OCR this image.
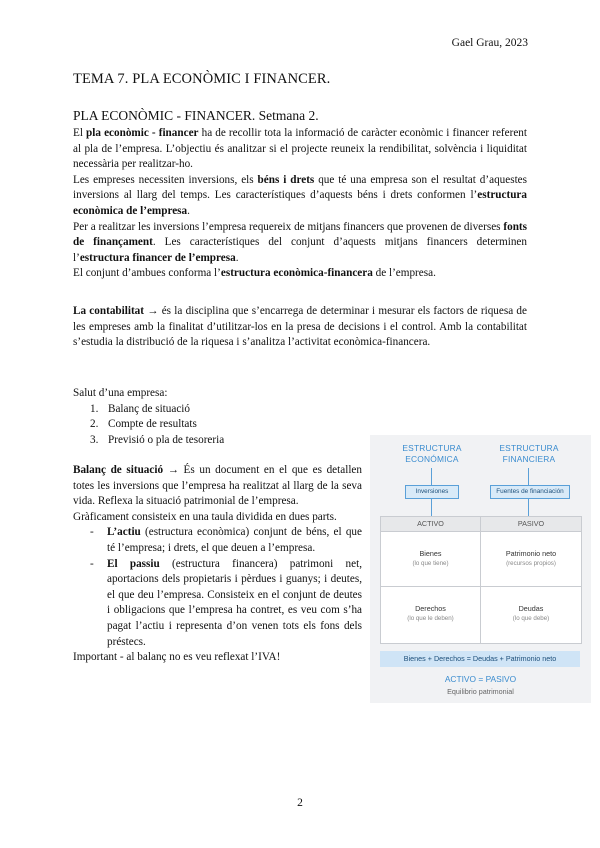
Gael Grau, 2023
TEMA 7. PLA ECONÒMIC I FINANCER.
PLA ECONÒMIC - FINANCER. Setmana 2.

El pla econòmic - financer ha de recollir tota la informació de caràcter econòmic i financer referent al pla de l’empresa. L’objectiu és analitzar si el projecte reuneix la rendibilitat, solvència i liquiditat necessària per realitzar-ho.

Les empreses necessiten inversions, els béns i drets que té una empresa son el resultat d’aquestes inversions al llarg del temps. Les característiques d’aquests béns i drets conformen l’estructura econòmica de l’empresa.

Per a realitzar les inversions l’empresa requereix de mitjans financers que provenen de diverses fonts de finançament. Les característiques del conjunt d’aquests mitjans financers determinen l’estructura financer de l’empresa.

El conjunt d’ambues conforma l’estructura econòmica-financera de l’empresa.

La contabilitat → és la disciplina que s’encarrega de determinar i mesurar els factors de riquesa de les empreses amb la finalitat d’utilitzar-los en la presa de decisions i el control. Amb la contabilitat s’estudia la distribució de la riquesa i s’analitza l’activitat econòmica-financera.

Salut d’una empresa:

1. Balanç de situació
2. Compte de resultats
3. Previsió o pla de tesoreria

Balanç de situació → És un document en el que es detallen totes les inversions que l’empresa ha realitzat al llarg de la seva vida. Reflexa la situació patrimonial de l’empresa.

Gràficament consisteix en una taula dividida en dues parts.

- L’actiu (estructura econòmica) conjunt de béns, el que té l’empresa; i drets, el que deuen a l’empresa.
- El passiu (estructura financera) patrimoni net, aportacions dels propietaris i pèrdues i guanys; i deutes, el que deu l’empresa. Consisteix en el conjunt de deutes i obligacions que l’empresa ha contret, es veu com s’ha pagat l’actiu i representa d’on venen tots els fons dels préstecs.

Important - al balanç no es veu reflexat l’IVA!

ESTRUCTURA
ECONÓMICA
ESTRUCTURA
FINANCIERA
Inversiones	Fuentes de financiación
ACTIVO	PASIVO
Bienes
(lo que tiene)
Patrimonio neto
(recursos propios)
Derechos
(lo que le deben)
Deudas
(lo que debe)
Bienes + Derechos = Deudas + Patrimonio neto
ACTIVO = PASIVO
Equilibrio patrimonial
2
